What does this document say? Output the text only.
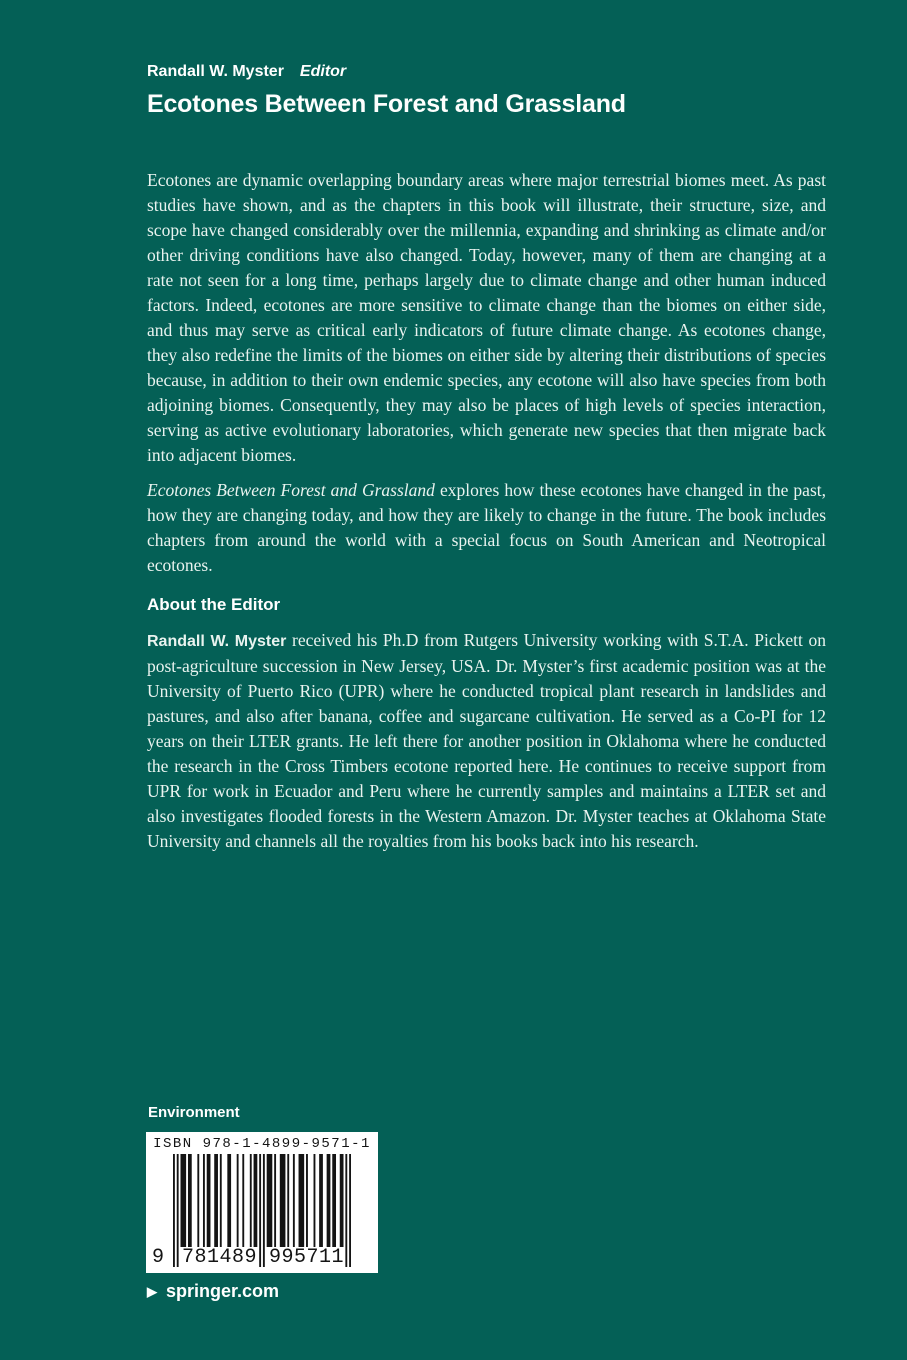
Randall W. Myster Editor
Ecotones Between Forest and Grassland

Ecotones are dynamic overlapping boundary areas where major terrestrial biomes meet. As past studies have shown, and as the chapters in this book will illustrate, their structure, size, and scope have changed considerably over the millennia, expanding and shrinking as climate and/or other driving conditions have also changed. Today, however, many of them are changing at a rate not seen for a long time, perhaps largely due to climate change and other human induced factors. Indeed, ecotones are more sensitive to climate change than the biomes on either side, and thus may serve as critical early indicators of future climate change. As ecotones change, they also redefine the limits of the biomes on either side by altering their distributions of species because, in addition to their own endemic species, any ecotone will also have species from both adjoining biomes. Consequently, they may also be places of high levels of species interaction, serving as active evolutionary laboratories, which generate new species that then migrate back into adjacent biomes.

Ecotones Between Forest and Grassland explores how these ecotones have changed in the past, how they are changing today, and how they are likely to change in the future. The book includes chapters from around the world with a special focus on South American and Neotropical ecotones.

About the Editor

Randall W. Myster received his Ph.D from Rutgers University working with S.T.A. Pickett on post-agriculture succession in New Jersey, USA. Dr. Myster’s first academic position was at the University of Puerto Rico (UPR) where he conducted tropical plant research in landslides and pastures, and also after banana, coffee and sugarcane cultivation. He served as a Co-PI for 12 years on their LTER grants. He left there for another position in Oklahoma where he conducted the research in the Cross Timbers ecotone reported here. He continues to receive support from UPR for work in Ecuador and Peru where he currently samples and maintains a LTER set and also investigates flooded forests in the Western Amazon. Dr. Myster teaches at Oklahoma State University and channels all the royalties from his books back into his research.

Environment
ISBN 978-1-4899-9571-1
9 781489 995711
▶ springer.com
